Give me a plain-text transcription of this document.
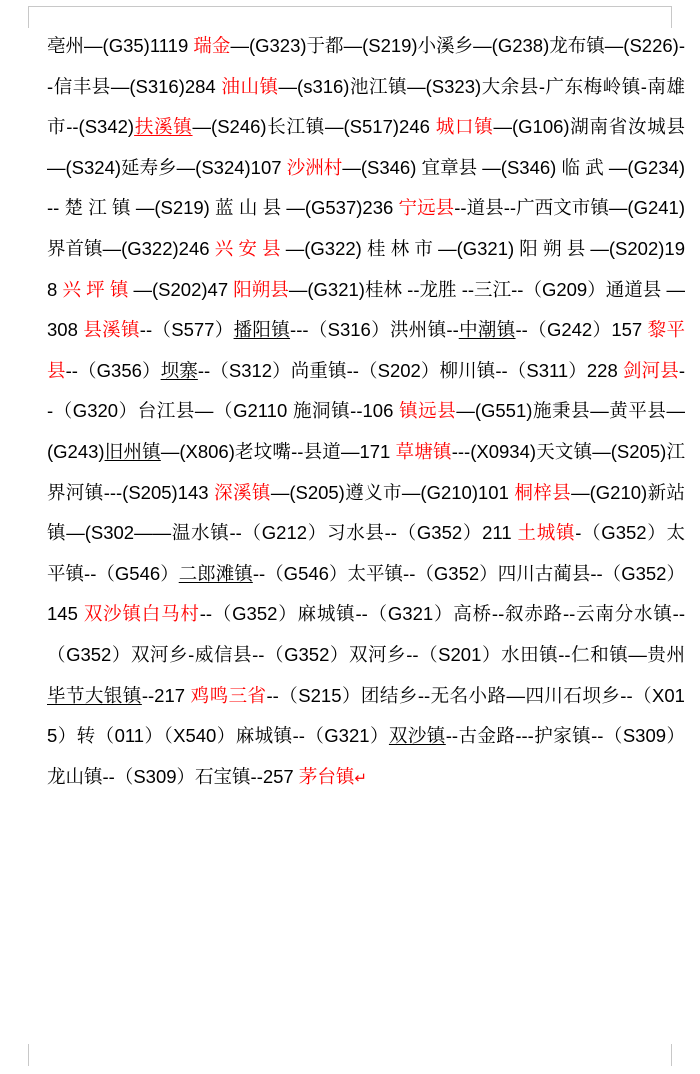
亳州—(G35)1119 瑞金—(G323)于都—(S219)小溪乡—(G238)龙布镇—(S226)--信丰县—(S316)284 油山镇—(s316)池江镇—(S323)大余县-广东梅岭镇-南雄市--(S342)扶溪镇—(S246)长江镇—(S517)246 城口镇—(G106)湖南省汝城县—(S324)延寿乡—(S324)107 沙洲村—(S346) 宜章县 —(S346) 临 武 —(G234)-- 楚 江 镇 —(S219) 蓝 山 县 —(G537)236 宁远县--道县--广西文市镇—(G241)界首镇—(G322)246 兴 安 县 —(G322) 桂 林 市 —(G321) 阳 朔 县 —(S202)198 兴 坪 镇 —(S202)47 阳朔县—(G321)桂林 --龙胜 --三江--（G209）通道县 —308 县溪镇--（S577）播阳镇---（S316）洪州镇--中潮镇--（G242）157 黎平县--（G356）坝寨--（S312）尚重镇--（S202）柳川镇--（S311）228 剑河县--（G320）台江县—（G2110 施洞镇--106 镇远县—(G551)施秉县—黄平县—(G243)旧州镇—(X806)老坟嘴--县道—171 草塘镇---(X0934)天文镇—(S205)江界河镇---(S205)143 深溪镇—(S205)遵义市—(G210)101 桐梓县—(G210)新站镇—(S302——温水镇--（G212）习水县--（G352）211 土城镇-（G352）太平镇--（G546）二郎滩镇--（G546）太平镇--（G352）四川古蔺县--（G352）145 双沙镇白马村--（G352）麻城镇--（G321）高桥--叙赤路--云南分水镇--（G352）双河乡-威信县--（G352）双河乡--（S201）水田镇--仁和镇—贵州毕节大银镇--217 鸡鸣三省--（S215）团结乡--无名小路—四川石坝乡--（X015）转（011）（X540）麻城镇--（G321）双沙镇--古金路---护家镇--（S309）龙山镇--（S309）石宝镇--257 茅台镇↵
